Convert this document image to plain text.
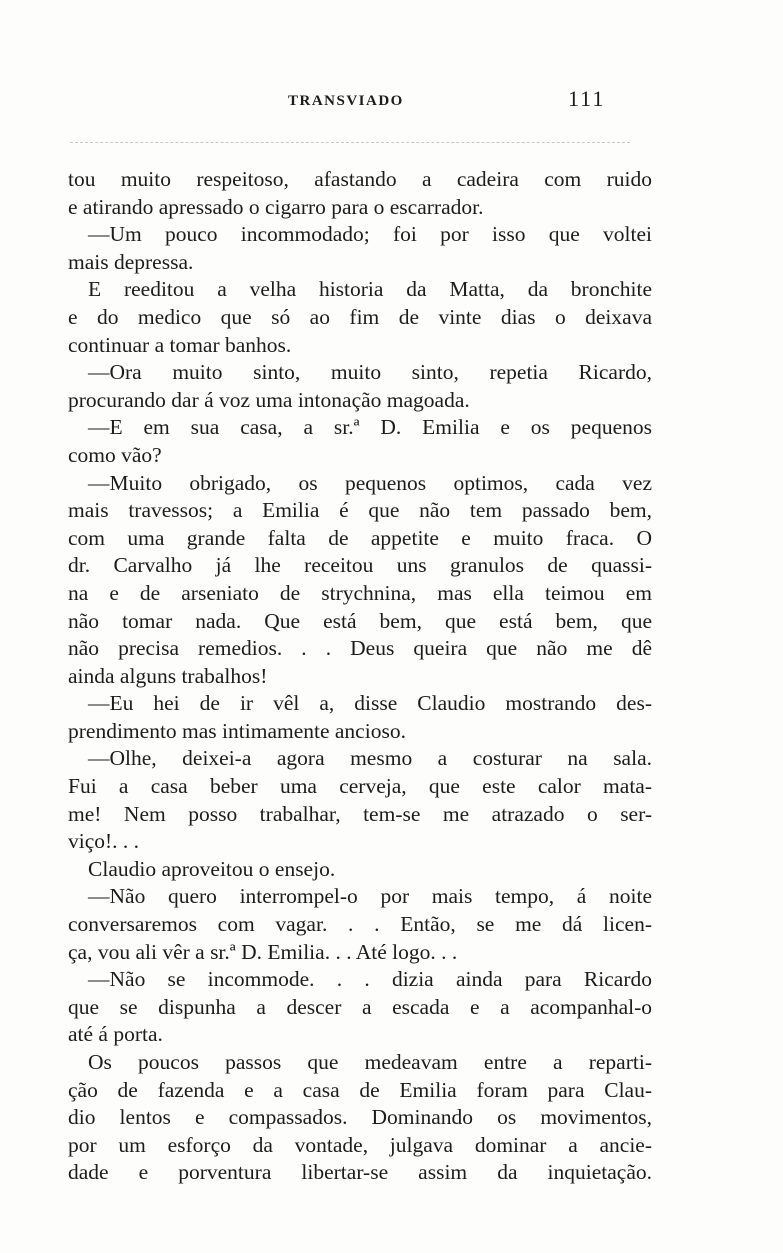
TRANSVIADO	111
tou muito respeitoso, afastando a cadeira com ruido
e atirando apressado o cigarro para o escarrador.
—Um pouco incommodado; foi por isso que voltei
mais depressa.
E reeditou a velha historia da Matta, da bronchite
e do medico que só ao fim de vinte dias o deixava
continuar a tomar banhos.
—Ora muito sinto, muito sinto, repetia Ricardo,
procurando dar á voz uma intonação magoada.
—E em sua casa, a sr.ª D. Emilia e os pequenos
como vão?
—Muito obrigado, os pequenos optimos, cada vez
mais travessos; a Emilia é que não tem passado bem,
com uma grande falta de appetite e muito fraca. O
dr. Carvalho já lhe receitou uns granulos de quassi-
na e de arseniato de strychnina, mas ella teimou em
não tomar nada. Que está bem, que está bem, que
não precisa remedios. . . Deus queira que não me dê
ainda alguns trabalhos!
—Eu hei de ir vêl a, disse Claudio mostrando des-
prendimento mas intimamente ancioso.
—Olhe, deixei-a agora mesmo a costurar na sala.
Fui a casa beber uma cerveja, que este calor mata-
me! Nem posso trabalhar, tem-se me atrazado o ser-
viço!. . .
Claudio aproveitou o ensejo.
—Não quero interrompel-o por mais tempo, á noite
conversaremos com vagar. . . Então, se me dá licen-
ça, vou ali vêr a sr.ª D. Emilia. . . Até logo. . .
—Não se incommode. . . dizia ainda para Ricardo
que se dispunha a descer a escada e a acompanhal-o
até á porta.
Os poucos passos que medeavam entre a reparti-
ção de fazenda e a casa de Emilia foram para Clau-
dio lentos e compassados. Dominando os movimentos,
por um esforço da vontade, julgava dominar a ancie-
dade e porventura libertar-se assim da inquietação.
